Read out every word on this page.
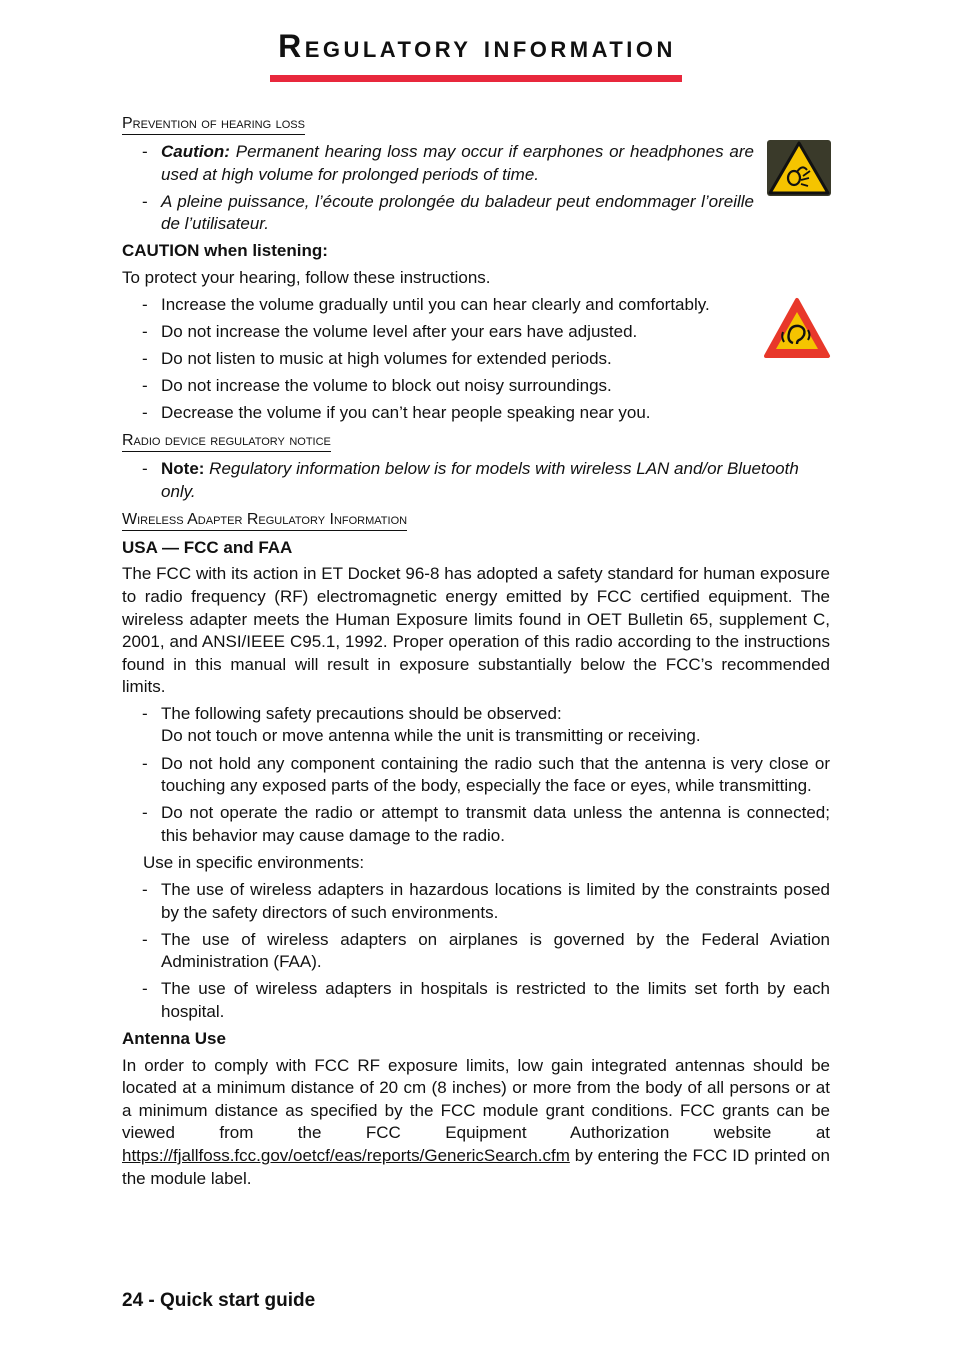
Regulatory information
Prevention of hearing loss
- Caution: Permanent hearing loss may occur if earphones or headphones are used at high volume for prolonged periods of time.
- A pleine puissance, l’écoute prolongée du baladeur peut endommager l’oreille de l’utilisateur.
CAUTION when listening:

To protect your hearing, follow these instructions.

- Increase the volume gradually until you can hear clearly and comfortably.
- Do not increase the volume level after your ears have adjusted.
- Do not listen to music at high volumes for extended periods.
- Do not increase the volume to block out noisy surroundings.
- Decrease the volume if you can’t hear people speaking near you.
Radio device regulatory notice
- Note: Regulatory information below is for models with wireless LAN and/or Bluetooth only.
Wireless Adapter Regulatory Information
USA — FCC and FAA

The FCC with its action in ET Docket 96-8 has adopted a safety standard for human exposure to radio frequency (RF) electromagnetic energy emitted by FCC certified equipment. The wireless adapter meets the Human Exposure limits found in OET Bulletin 65, supplement C, 2001, and ANSI/IEEE C95.1, 1992. Proper operation of this radio according to the instructions found in this manual will result in exposure substantially below the FCC’s recommended limits.

- The following safety precautions should be observed:
Do not touch or move antenna while the unit is transmitting or receiving.
- Do not hold any component containing the radio such that the antenna is very close or touching any exposed parts of the body, especially the face or eyes, while transmitting.
- Do not operate the radio or attempt to transmit data unless the antenna is connected; this behavior may cause damage to the radio.
Use in specific environments:
- The use of wireless adapters in hazardous locations is limited by the constraints posed by the safety directors of such environments.
- The use of wireless adapters on airplanes is governed by the Federal Aviation Administration (FAA).
- The use of wireless adapters in hospitals is restricted to the limits set forth by each hospital.
Antenna Use

In order to comply with FCC RF exposure limits, low gain integrated antennas should be located at a minimum distance of 20 cm (8 inches) or more from the body of all persons or at a minimum distance as specified by the FCC module grant conditions. FCC grants can be viewed from the FCC Equipment Authorization website at https://fjallfoss.fcc.gov/oetcf/eas/reports/GenericSearch.cfm by entering the FCC ID printed on the module label.

24 - Quick start guide
